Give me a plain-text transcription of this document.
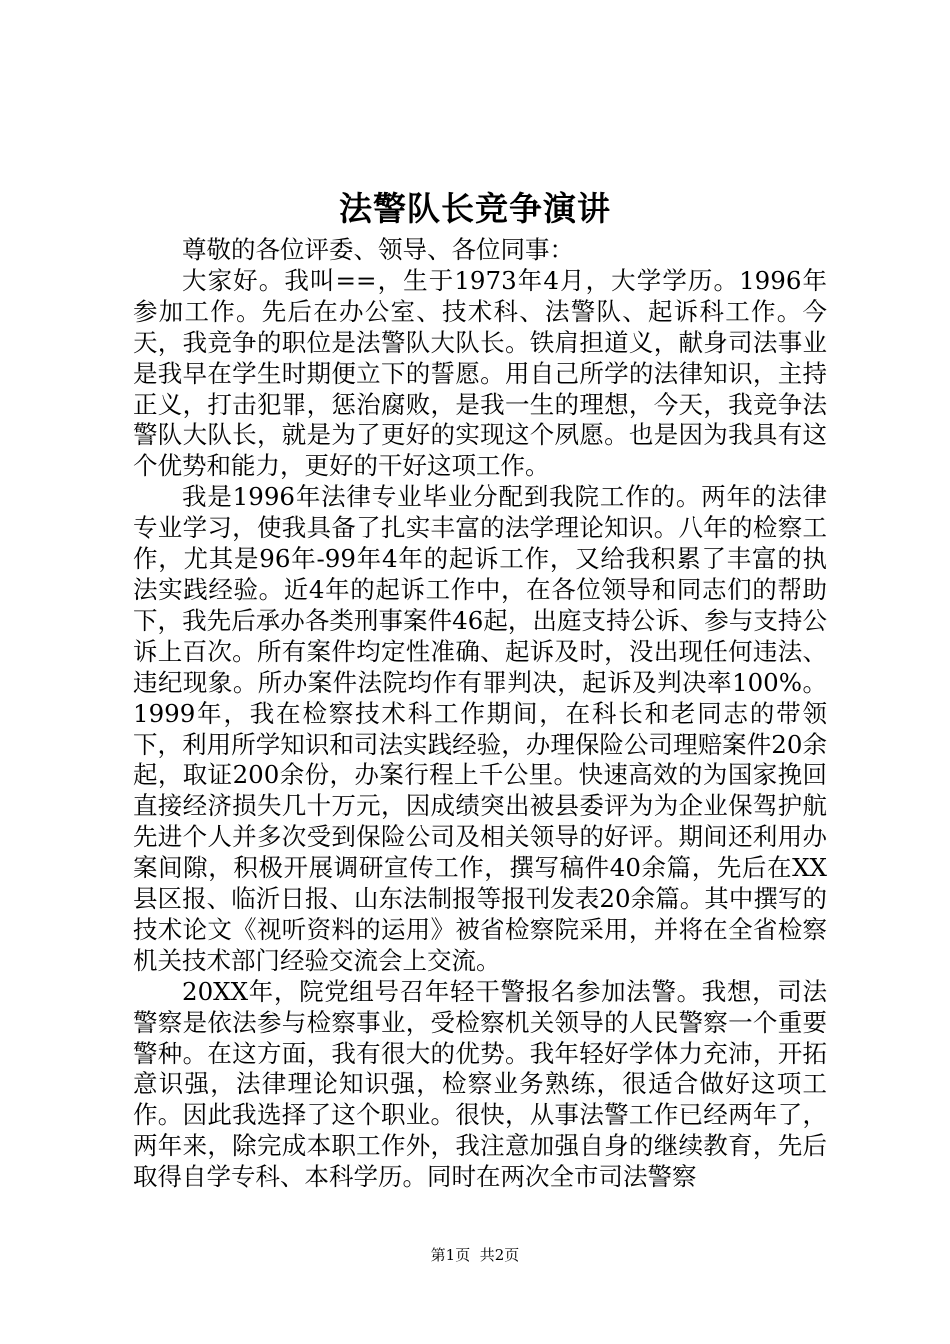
法警队长竞争演讲

尊敬的各位评委、领导、各位同事：

大家好。我叫==，生于1973年4月，大学学历。1996年参加工作。先后在办公室、技术科、法警队、起诉科工作。今天，我竞争的职位是法警队大队长。铁肩担道义，献身司法事业是我早在学生时期便立下的誓愿。用自己所学的法律知识，主持正义，打击犯罪，惩治腐败，是我一生的理想，今天，我竞争法警队大队长，就是为了更好的实现这个夙愿。也是因为我具有这个优势和能力，更好的干好这项工作。

我是1996年法律专业毕业分配到我院工作的。两年的法律专业学习，使我具备了扎实丰富的法学理论知识。八年的检察工作，尤其是96年-99年4年的起诉工作，又给我积累了丰富的执法实践经验。近4年的起诉工作中，在各位领导和同志们的帮助下，我先后承办各类刑事案件46起，出庭支持公诉、参与支持公诉上百次。所有案件均定性准确、起诉及时，没出现任何违法、违纪现象。所办案件法院均作有罪判决，起诉及判决率100%。1999年，我在检察技术科工作期间，在科长和老同志的带领下，利用所学知识和司法实践经验，办理保险公司理赔案件20余起，取证200余份，办案行程上千公里。快速高效的为国家挽回直接经济损失几十万元，因成绩突出被县委评为为企业保驾护航先进个人并多次受到保险公司及相关领导的好评。期间还利用办案间隙，积极开展调研宣传工作，撰写稿件40余篇，先后在XX县区报、临沂日报、山东法制报等报刊发表20余篇。其中撰写的技术论文《视听资料的运用》被省检察院采用，并将在全省检察机关技术部门经验交流会上交流。

20XX年，院党组号召年轻干警报名参加法警。我想，司法警察是依法参与检察事业，受检察机关领导的人民警察一个重要警种。在这方面，我有很大的优势。我年轻好学体力充沛，开拓意识强，法律理论知识强，检察业务熟练，很适合做好这项工作。因此我选择了这个职业。很快，从事法警工作已经两年了，两年来，除完成本职工作外，我注意加强自身的继续教育，先后取得自学专科、本科学历。同时在两次全市司法警察

第1页 共2页
